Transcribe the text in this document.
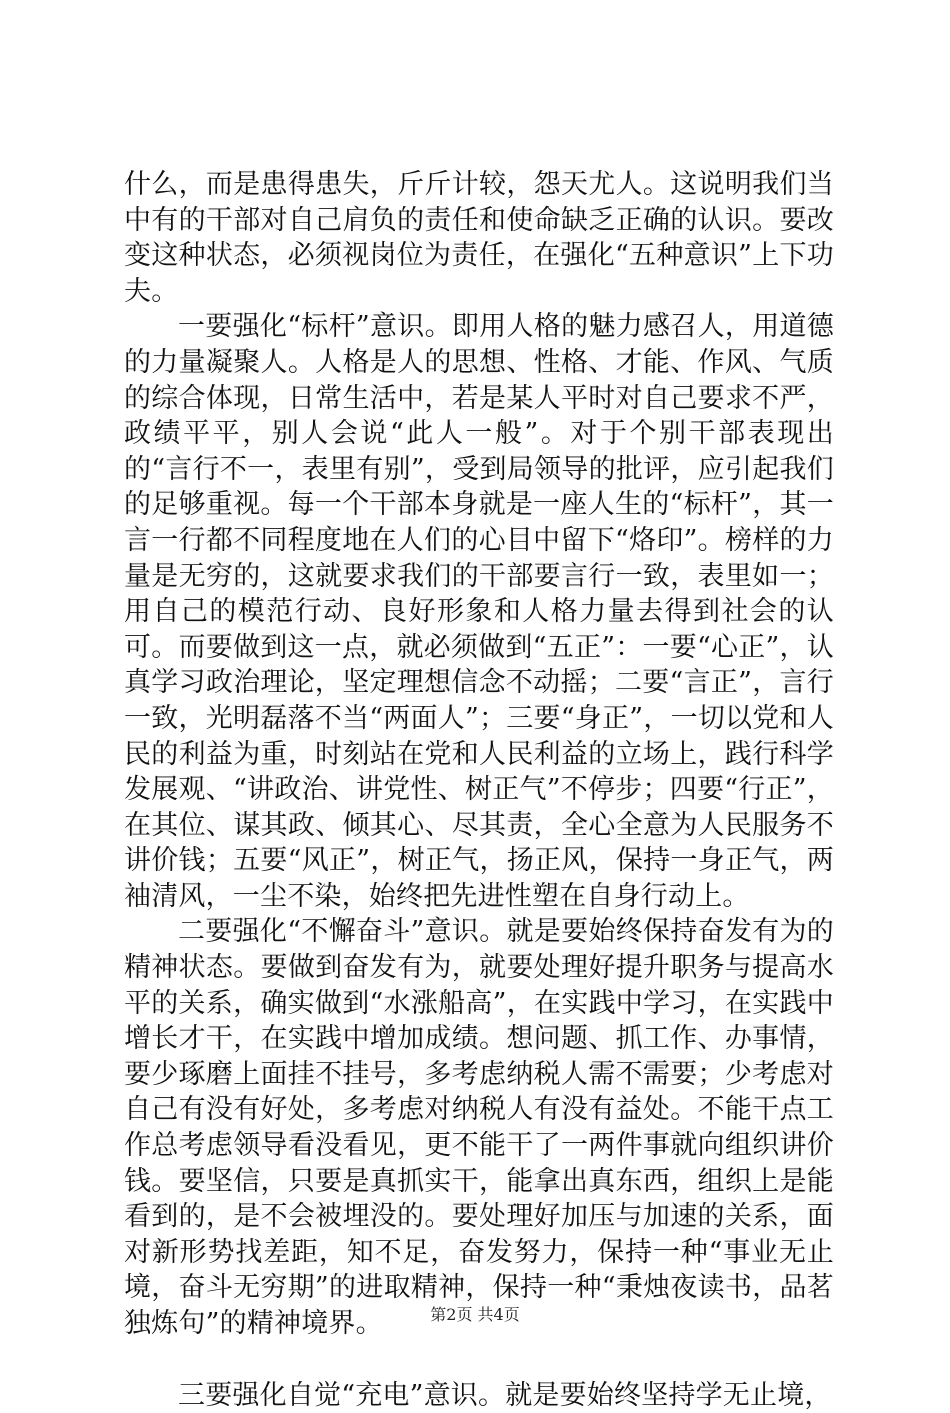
什么，而是患得患失，斤斤计较，怨天尤人。这说明我们当中有的干部对自己肩负的责任和使命缺乏正确的认识。要改变这种状态，必须视岗位为责任，在强化“五种意识”上下功夫。

一要强化“标杆”意识。即用人格的魅力感召人，用道德的力量凝聚人。人格是人的思想、性格、才能、作风、气质的综合体现，日常生活中，若是某人平时对自己要求不严，政绩平平，别人会说“此人一般”。对于个别干部表现出的“言行不一，表里有别”，受到局领导的批评，应引起我们的足够重视。每一个干部本身就是一座人生的“标杆”，其一言一行都不同程度地在人们的心目中留下“烙印”。榜样的力量是无穷的，这就要求我们的干部要言行一致，表里如一；用自己的模范行动、良好形象和人格力量去得到社会的认可。而要做到这一点，就必须做到“五正”：一要“心正”，认真学习政治理论，坚定理想信念不动摇；二要“言正”，言行一致，光明磊落不当“两面人”；三要“身正”，一切以党和人民的利益为重，时刻站在党和人民利益的立场上，践行科学发展观、“讲政治、讲党性、树正气”不停步；四要“行正”，在其位、谋其政、倾其心、尽其责，全心全意为人民服务不讲价钱；五要“风正”，树正气，扬正风，保持一身正气，两袖清风，一尘不染，始终把先进性塑在自身行动上。

二要强化“不懈奋斗”意识。就是要始终保持奋发有为的精神状态。要做到奋发有为，就要处理好提升职务与提高水平的关系，确实做到“水涨船高”，在实践中学习，在实践中增长才干，在实践中增加成绩。想问题、抓工作、办事情，要少琢磨上面挂不挂号，多考虑纳税人需不需要；少考虑对自己有没有好处，多考虑对纳税人有没有益处。不能干点工作总考虑领导看没看见，更不能干了一两件事就向组织讲价钱。要坚信，只要是真抓实干，能拿出真东西，组织上是能看到的，是不会被埋没的。要处理好加压与加速的关系，面对新形势找差距，知不足，奋发努力，保持一种“事业无止境，奋斗无穷期”的进取精神，保持一种“秉烛夜读书，品茗独炼句”的精神境界。

三要强化自觉“充电”意识。就是要始终坚持学无止境，

第2页 共4页
